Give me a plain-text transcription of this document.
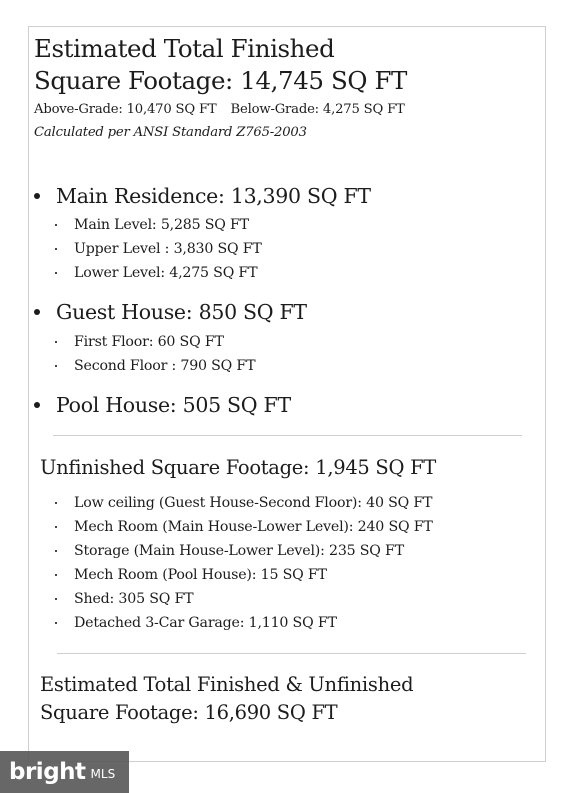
Estimated Total Finished
Square Footage: 14,745 SQ FT
Above-Grade: 10,470 SQ FT Below-Grade: 4,275 SQ FT
Calculated per ANSI Standard Z765-2003
Main Residence: 13,390 SQ FT
Main Level: 5,285 SQ FT
Upper Level : 3,830 SQ FT
Lower Level: 4,275 SQ FT
Guest House: 850 SQ FT
First Floor: 60 SQ FT
Second Floor : 790 SQ FT
Pool House: 505 SQ FT
Unfinished Square Footage: 1,945 SQ FT
Low ceiling (Guest House-Second Floor): 40 SQ FT
Mech Room (Main House-Lower Level): 240 SQ FT
Storage (Main House-Lower Level): 235 SQ FT
Mech Room (Pool House): 15 SQ FT
Shed: 305 SQ FT
Detached 3-Car Garage: 1,110 SQ FT
Estimated Total Finished & Unfinished
Square Footage: 16,690 SQ FT
bright MLS
